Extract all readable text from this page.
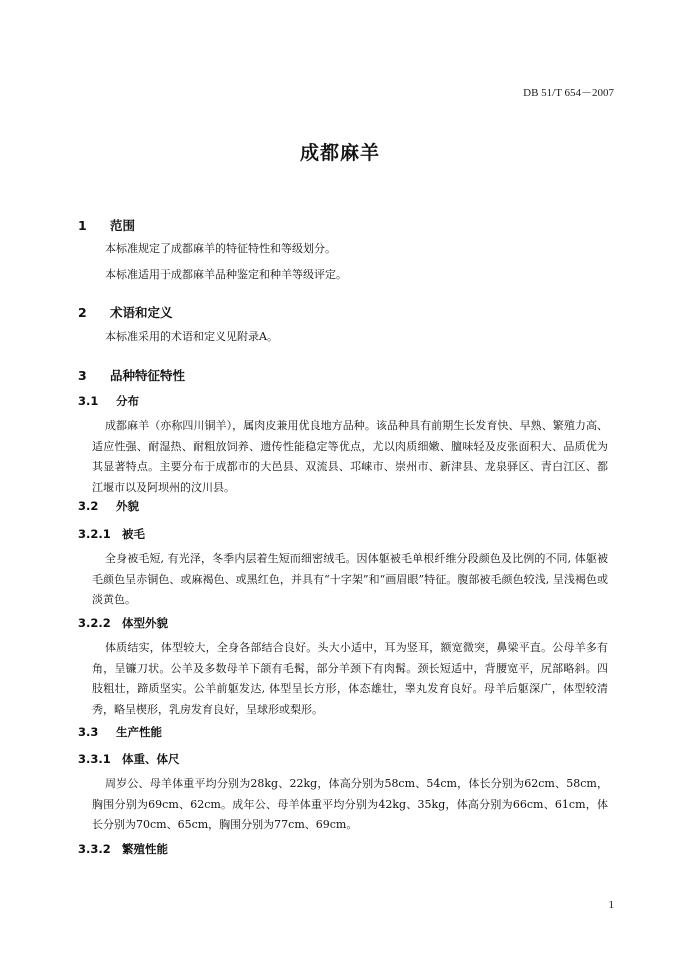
DB 51/T 654－2007
成都麻羊
1 范围
本标准规定了成都麻羊的特征特性和等级划分。
本标准适用于成都麻羊品种鉴定和种羊等级评定。
2 术语和定义
本标准采用的术语和定义见附录A。
3 品种特征特性
3.1 分布
成都麻羊（亦称四川铜羊），属肉皮兼用优良地方品种。该品种具有前期生长发育快、早熟、繁殖力高、适应性强、耐湿热、耐粗放饲养、遗传性能稳定等优点，尤以肉质细嫩、膻味轻及皮张面积大、品质优为其显著特点。主要分布于成都市的大邑县、双流县、邛崃市、崇州市、新津县、龙泉驿区、青白江区、都江堰市以及阿坝州的汶川县。
3.2 外貌
3.2.1 被毛
全身被毛短, 有光泽，冬季内层着生短而细密绒毛。因体躯被毛单根纤维分段颜色及比例的不同, 体躯被毛颜色呈赤铜色、或麻褐色、或黑红色，并具有“十字架”和“画眉眼”特征。腹部被毛颜色较浅, 呈浅褐色或淡黄色。
3.2.2 体型外貌
体质结实，体型较大，全身各部结合良好。头大小适中，耳为竖耳，额宽微突，鼻梁平直。公母羊多有角，呈镰刀状。公羊及多数母羊下颌有毛髯，部分羊颈下有肉髯。颈长短适中，背腰宽平，尻部略斜。四肢粗壮，蹄质坚实。公羊前躯发达, 体型呈长方形，体态雄壮，睾丸发育良好。母羊后躯深广，体型较清秀，略呈楔形，乳房发育良好，呈球形或梨形。
3.3 生产性能
3.3.1 体重、体尺
周岁公、母羊体重平均分别为28kg、22kg，体高分别为58cm、54cm，体长分别为62cm、58cm，胸围分别为69cm、62cm。成年公、母羊体重平均分别为42kg、35kg，体高分别为66cm、61cm，体长分别为70cm、65cm，胸围分别为77cm、69cm。
3.3.2 繁殖性能
1
